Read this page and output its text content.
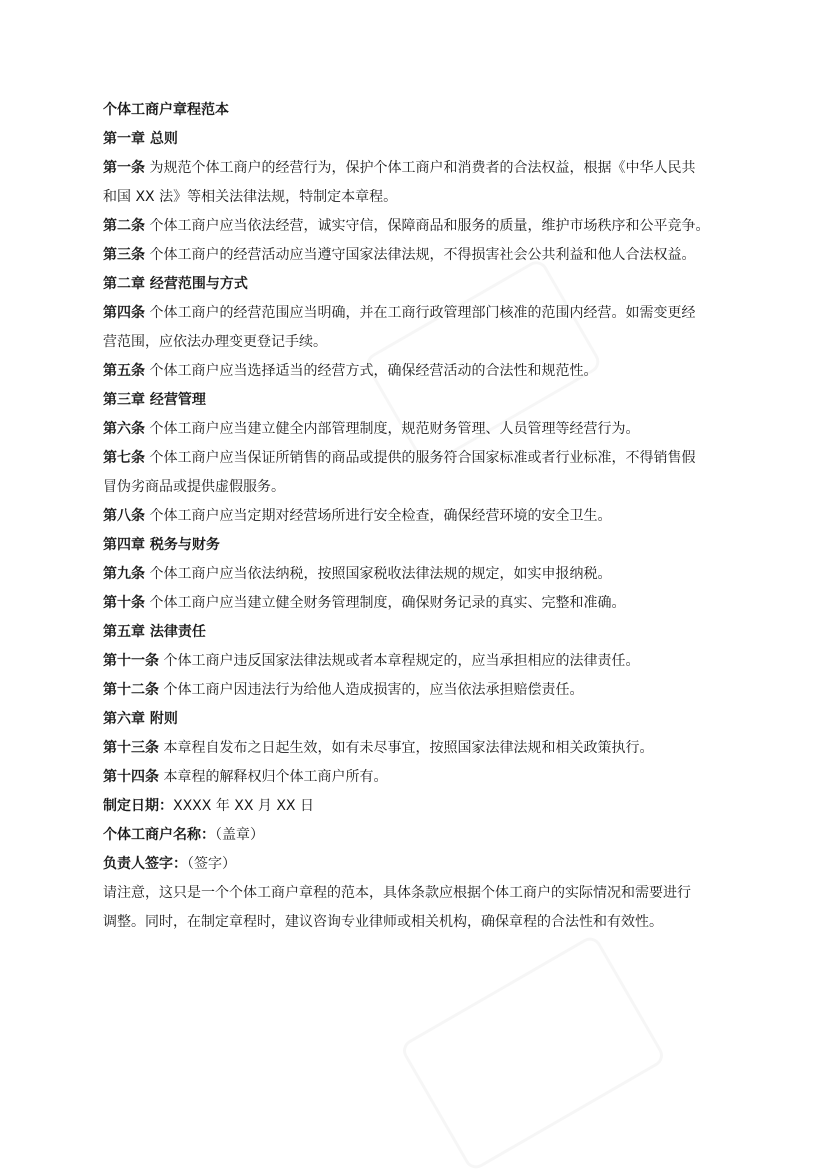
个体工商户章程范本
第一章 总则
第一条 为规范个体工商户的经营行为，保护个体工商户和消费者的合法权益，根据《中华人民共
和国 XX 法》等相关法律法规，特制定本章程。
第二条 个体工商户应当依法经营，诚实守信，保障商品和服务的质量，维护市场秩序和公平竞争。
第三条 个体工商户的经营活动应当遵守国家法律法规，不得损害社会公共利益和他人合法权益。
第二章 经营范围与方式
第四条 个体工商户的经营范围应当明确，并在工商行政管理部门核准的范围内经营。如需变更经
营范围，应依法办理变更登记手续。
第五条 个体工商户应当选择适当的经营方式，确保经营活动的合法性和规范性。
第三章 经营管理
第六条 个体工商户应当建立健全内部管理制度，规范财务管理、人员管理等经营行为。
第七条 个体工商户应当保证所销售的商品或提供的服务符合国家标准或者行业标准，不得销售假
冒伪劣商品或提供虚假服务。
第八条 个体工商户应当定期对经营场所进行安全检查，确保经营环境的安全卫生。
第四章 税务与财务
第九条 个体工商户应当依法纳税，按照国家税收法律法规的规定，如实申报纳税。
第十条 个体工商户应当建立健全财务管理制度，确保财务记录的真实、完整和准确。
第五章 法律责任
第十一条 个体工商户违反国家法律法规或者本章程规定的，应当承担相应的法律责任。
第十二条 个体工商户因违法行为给他人造成损害的，应当依法承担赔偿责任。
第六章 附则
第十三条 本章程自发布之日起生效，如有未尽事宜，按照国家法律法规和相关政策执行。
第十四条 本章程的解释权归个体工商户所有。
制定日期：XXXX 年 XX 月 XX 日
个体工商户名称：（盖章）
负责人签字：（签字）
请注意，这只是一个个体工商户章程的范本，具体条款应根据个体工商户的实际情况和需要进行
调整。同时，在制定章程时，建议咨询专业律师或相关机构，确保章程的合法性和有效性。
